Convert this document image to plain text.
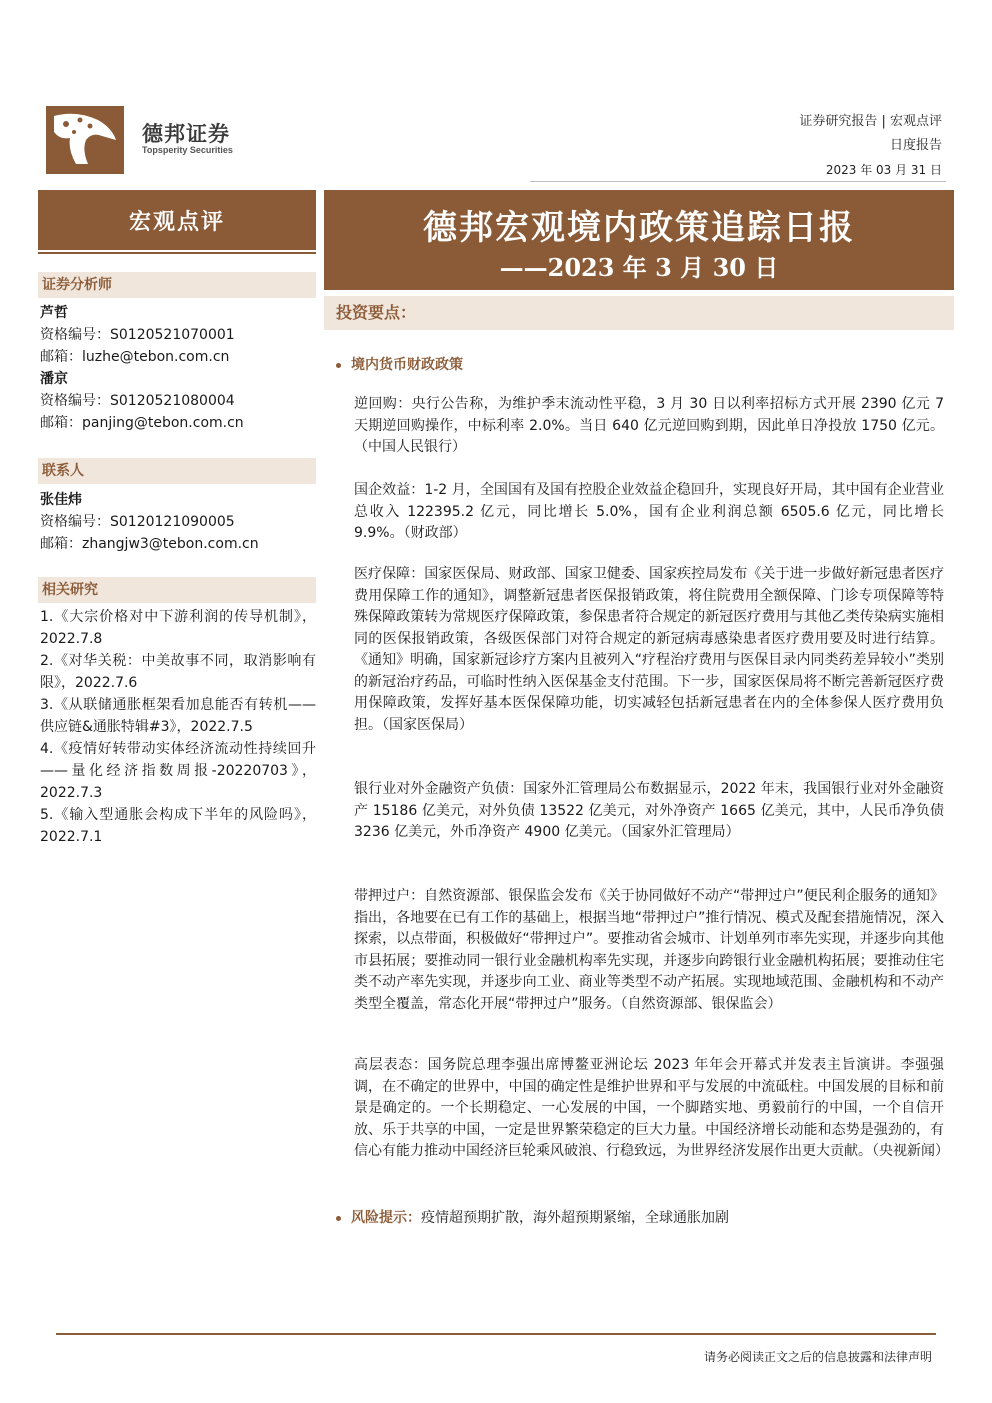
德邦证券
Topsperity Securities
证券研究报告 | 宏观点评
日度报告
2023 年 03 月 31 日
宏观点评	德邦宏观境内政策追踪日报
——2023 年 3 月 30 日
证券分析师
芦哲
资格编号：S0120521070001
邮箱：luzhe@tebon.com.cn
潘京
资格编号：S0120521080004
邮箱：panjing@tebon.com.cn
联系人
张佳炜
资格编号：S0120121090005
邮箱：zhangjw3@tebon.com.cn
相关研究
1.《大宗价格对中下游利润的传导机制》，2022.7.8
2.《对华关税：中美故事不同，取消影响有限》，2022.7.6
3.《从联储通胀框架看加息能否有转机——供应链&通胀特辑#3》，2022.7.5
4.《疫情好转带动实体经济流动性持续回升——量化经济指数周报-20220703》，2022.7.3
5.《输入型通胀会构成下半年的风险吗》，2022.7.1
投资要点：
境内货币财政政策
逆回购：央行公告称，为维护季末流动性平稳，3 月 30 日以利率招标方式开展 2390 亿元 7 天期逆回购操作，中标利率 2.0%。当日 640 亿元逆回购到期，因此单日净投放 1750 亿元。（中国人民银行）
国企效益：1-2 月，全国国有及国有控股企业效益企稳回升，实现良好开局，其中国有企业营业总收入 122395.2 亿元，同比增长 5.0%，国有企业利润总额 6505.6 亿元，同比增长 9.9%。（财政部）
医疗保障：国家医保局、财政部、国家卫健委、国家疾控局发布《关于进一步做好新冠患者医疗费用保障工作的通知》，调整新冠患者医保报销政策，将住院费用全额保障、门诊专项保障等特殊保障政策转为常规医疗保障政策，参保患者符合规定的新冠医疗费用与其他乙类传染病实施相同的医保报销政策，各级医保部门对符合规定的新冠病毒感染患者医疗费用要及时进行结算。《通知》明确，国家新冠诊疗方案内且被列入“疗程治疗费用与医保目录内同类药差异较小”类别的新冠治疗药品，可临时性纳入医保基金支付范围。下一步，国家医保局将不断完善新冠医疗费用保障政策，发挥好基本医保保障功能，切实减轻包括新冠患者在内的全体参保人医疗费用负担。（国家医保局）
银行业对外金融资产负债：国家外汇管理局公布数据显示，2022 年末，我国银行业对外金融资产 15186 亿美元，对外负债 13522 亿美元，对外净资产 1665 亿美元，其中，人民币净负债 3236 亿美元，外币净资产 4900 亿美元。（国家外汇管理局）
带押过户：自然资源部、银保监会发布《关于协同做好不动产“带押过户”便民利企服务的通知》指出，各地要在已有工作的基础上，根据当地“带押过户”推行情况、模式及配套措施情况，深入探索，以点带面，积极做好“带押过户”。要推动省会城市、计划单列市率先实现，并逐步向其他市县拓展；要推动同一银行业金融机构率先实现，并逐步向跨银行业金融机构拓展；要推动住宅类不动产率先实现，并逐步向工业、商业等类型不动产拓展。实现地域范围、金融机构和不动产类型全覆盖，常态化开展“带押过户”服务。（自然资源部、银保监会）
高层表态：国务院总理李强出席博鳌亚洲论坛 2023 年年会开幕式并发表主旨演讲。李强强调，在不确定的世界中，中国的确定性是维护世界和平与发展的中流砥柱。中国发展的目标和前景是确定的。一个长期稳定、一心发展的中国，一个脚踏实地、勇毅前行的中国，一个自信开放、乐于共享的中国，一定是世界繁荣稳定的巨大力量。中国经济增长动能和态势是强劲的，有信心有能力推动中国经济巨轮乘风破浪、行稳致远，为世界经济发展作出更大贡献。（央视新闻）
风险提示：疫情超预期扩散，海外超预期紧缩，全球通胀加剧
请务必阅读正文之后的信息披露和法律声明
